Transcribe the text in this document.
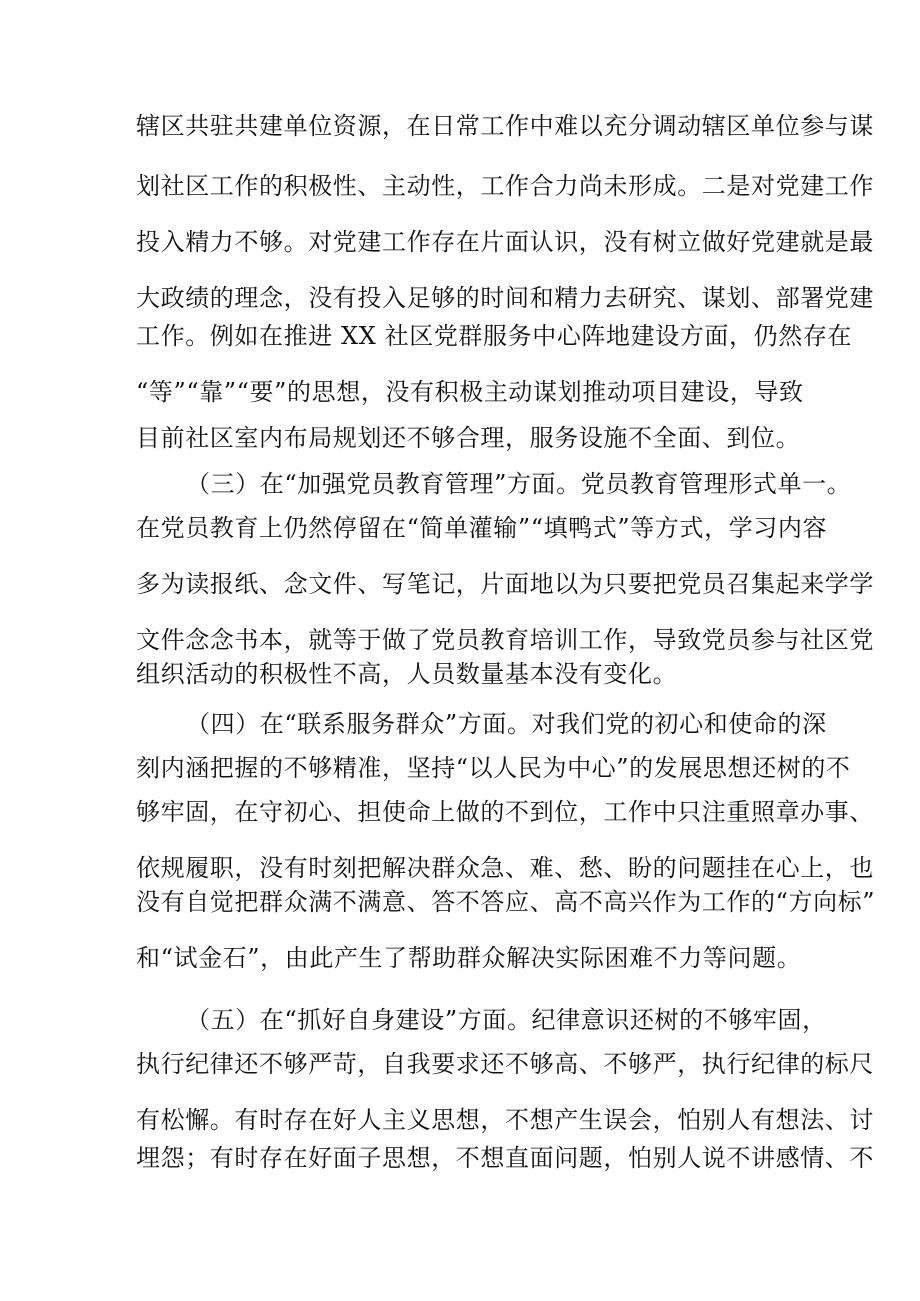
辖区共驻共建单位资源，在日常工作中难以充分调动辖区单位参与谋
划社区工作的积极性、主动性，工作合力尚未形成。二是对党建工作
投入精力不够。对党建工作存在片面认识，没有树立做好党建就是最
大政绩的理念，没有投入足够的时间和精力去研究、谋划、部署党建
工作。例如在推进 XX 社区党群服务中心阵地建设方面，仍然存在
“等”“靠”“要”的思想，没有积极主动谋划推动项目建设，导致
目前社区室内布局规划还不够合理，服务设施不全面、到位。
（三）在“加强党员教育管理”方面。党员教育管理形式单一。
在党员教育上仍然停留在“简单灌输”“填鸭式”等方式，学习内容
多为读报纸、念文件、写笔记，片面地以为只要把党员召集起来学学
文件念念书本，就等于做了党员教育培训工作，导致党员参与社区党
组织活动的积极性不高，人员数量基本没有变化。
（四）在“联系服务群众”方面。对我们党的初心和使命的深
刻内涵把握的不够精准，坚持“以人民为中心”的发展思想还树的不
够牢固，在守初心、担使命上做的不到位，工作中只注重照章办事、
依规履职，没有时刻把解决群众急、难、愁、盼的问题挂在心上，也
没有自觉把群众满不满意、答不答应、高不高兴作为工作的“方向标”
和“试金石”，由此产生了帮助群众解决实际困难不力等问题。
（五）在“抓好自身建设”方面。纪律意识还树的不够牢固，
执行纪律还不够严苛，自我要求还不够高、不够严，执行纪律的标尺
有松懈。有时存在好人主义思想，不想产生误会，怕别人有想法、讨
埋怨；有时存在好面子思想，不想直面问题，怕别人说不讲感情、不
